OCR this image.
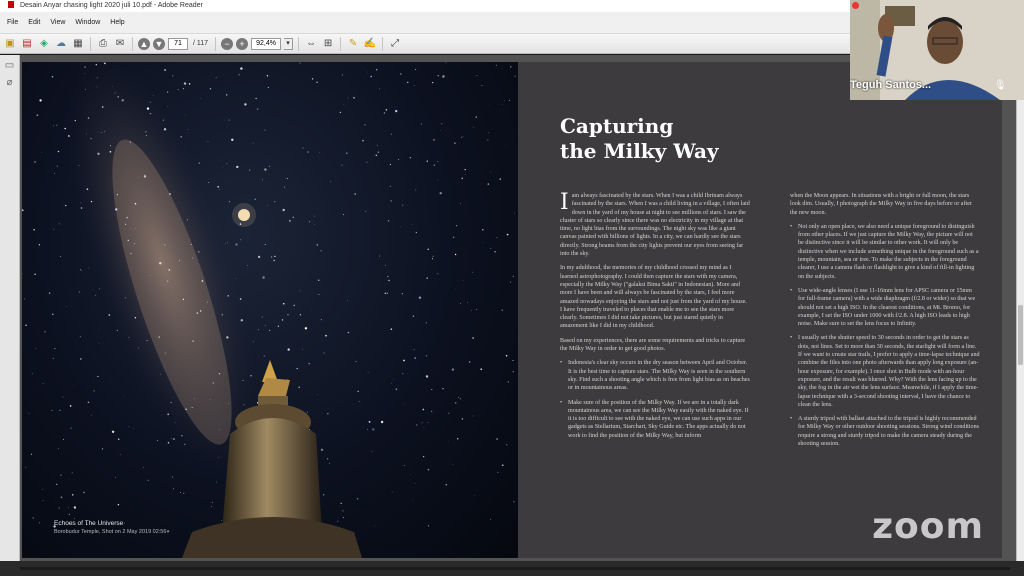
Desain Anyar chasing light 2020 juli 10.pdf - Adobe Reader
File	Edit	View	Window	Help
▣ ▤ ◈ ☁ ▦	⎙ ✉	▲ ▼	71	/ 117	−	+	92,4%	▾	⇔ ⊞ ✎ ✍	⤢
▭
⌀
Echoes of The Universe
Borobudur Temple, Shot on 2 May 2019 02:56
Capturing
the Milky Way

Iam always fascinated by the stars. When I was a child Ibrinam always fascinated by the stars. When I was a child living in a village, I often laid down in the yard of my house at night to see millions of stars. I saw the cluster of stars so clearly since there was no electricity in my village at that time, no light bias from the surroundings. The night sky was like a giant canvas painted with billions of lights. In a city, we can hardly see the stars directly. Strong beams from the city lights prevent our eyes from seeing far into the sky.

In my adulthood, the memories of my childhood crossed my mind as I learned astrophotography. I could then capture the stars with my camera, especially the Milky Way ("galaksi Bima Sakti" in Indonesian). More and more I have been and will always be fascinated by the stars, I feel more amazed nowadays enjoying the stars and not just from the yard of my house. I have frequently traveled to places that enable me to see the stars more clearly. Sometimes I did not take pictures, but just stared quietly in amazement like I did in my childhood.

Based on my experiences, there are some requirements and tricks to capture the Milky Way in order to get good photos.

• Indonesia's clear sky occurs in the dry season between April and October. It is the best time to capture stars. The Milky Way is seen in the southern sky. Find such a shooting angle which is free from light bias as on beaches or in mountainous areas.
• Make sure of the position of the Milky Way. If we are in a totally dark mountainous area, we can see the Milky Way easily with the naked eye. If it is too difficult to see with the naked eye, we can use such apps in our gadgets as Stellarium, Starchart, Sky Guide etc. The apps actually do not work to find the position of the Milky Way, but inform

when the Moon appears. In situations with a bright or full moon, the stars look dim. Usually, I photograph the Milky Way in five days before or after the new moon.

• Not only an open place, we also need a unique foreground to distinguish from other places. If we just capture the Milky Way, the picture will not be distinctive since it will be similar to other work. It will only be distinctive when we include something unique in the foreground such as a temple, mountain, sea or tree. To make the subjects in the foreground clearer, I use a camera flash or flashlight to give a kind of fill-in lighting on the subjects.
• Use wide-angle lenses (I use 11-16mm lens for APSC camera or 15mm for full-frame camera) with a wide diaphragm (f/2.8 or wider) so that we should not set a high ISO. In the clearest conditions, at Mt. Bromo, for example, I set the ISO under 1000 with f/2.8. A high ISO leads to high noise. Make sure to set the lens focus to Infinity.
• I usually set the shutter speed to 30 seconds in order to get the stars as dots, not lines. Set to more than 30 seconds, the starlight will form a line. If we want to create star trails, I prefer to apply a time-lapse technique and combine the files into one photo afterwards than apply long exposure (an-hour exposure, for example). I once shot in Bulb mode with an-hour exposure, and the result was blurred. Why? With the lens facing up to the sky, the fog in the air wet the lens surface. Meanwhile, if I apply the time-lapse technique with a 3-second shooting interval, I have the chance to clean the lens.
• A sturdy tripod with ballast attached to the tripod is highly recommended for Milky Way or other outdoor shooting sessions. Strong wind conditions require a strong and sturdy tripod to make the camera steady during the shooting session.
zoom
Teguh Santos...	🎙
